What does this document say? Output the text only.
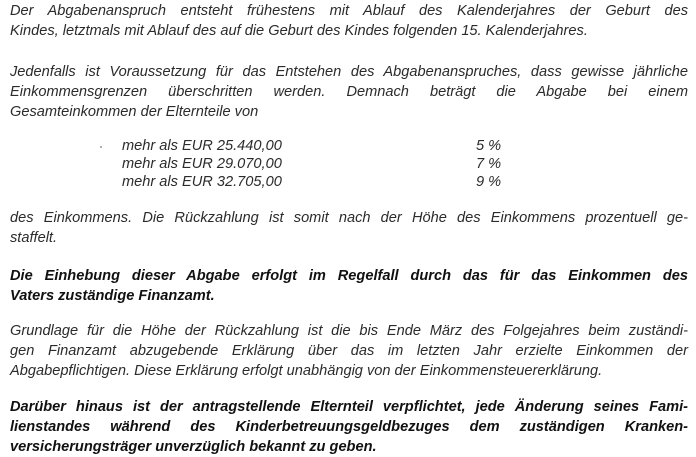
Der Abgabenanspruch entsteht frühestens mit Ablauf des Kalenderjahres der Geburt des
Kindes, letztmals mit Ablauf des auf die Geburt des Kindes folgenden 15. Kalenderjahres.

Jedenfalls ist Voraussetzung für das Entstehen des Abgabenanspruches, dass gewisse jährliche
Einkommensgrenzen überschritten werden. Demnach beträgt die Abgabe bei einem
Gesamteinkommen der Elternteile von

mehr als EUR 25.440,00	5 %
mehr als EUR 29.070,00	7 %
mehr als EUR 32.705,00	9 %

des Einkommens. Die Rückzahlung ist somit nach der Höhe des Einkommens prozentuell ge-
staffelt.

Die Einhebung dieser Abgabe erfolgt im Regelfall durch das für das Einkommen des
Vaters zuständige Finanzamt.

Grundlage für die Höhe der Rückzahlung ist die bis Ende März des Folgejahres beim zuständi-
gen Finanzamt abzugebende Erklärung über das im letzten Jahr erzielte Einkommen der
Abgabepflichtigen. Diese Erklärung erfolgt unabhängig von der Einkommensteuererklärung.

Darüber hinaus ist der antragstellende Elternteil verpflichtet, jede Änderung seines Fami-
lienstandes während des Kinderbetreuungsgeldbezuges dem zuständigen Kranken-
versicherungsträger unverzüglich bekannt zu geben.
